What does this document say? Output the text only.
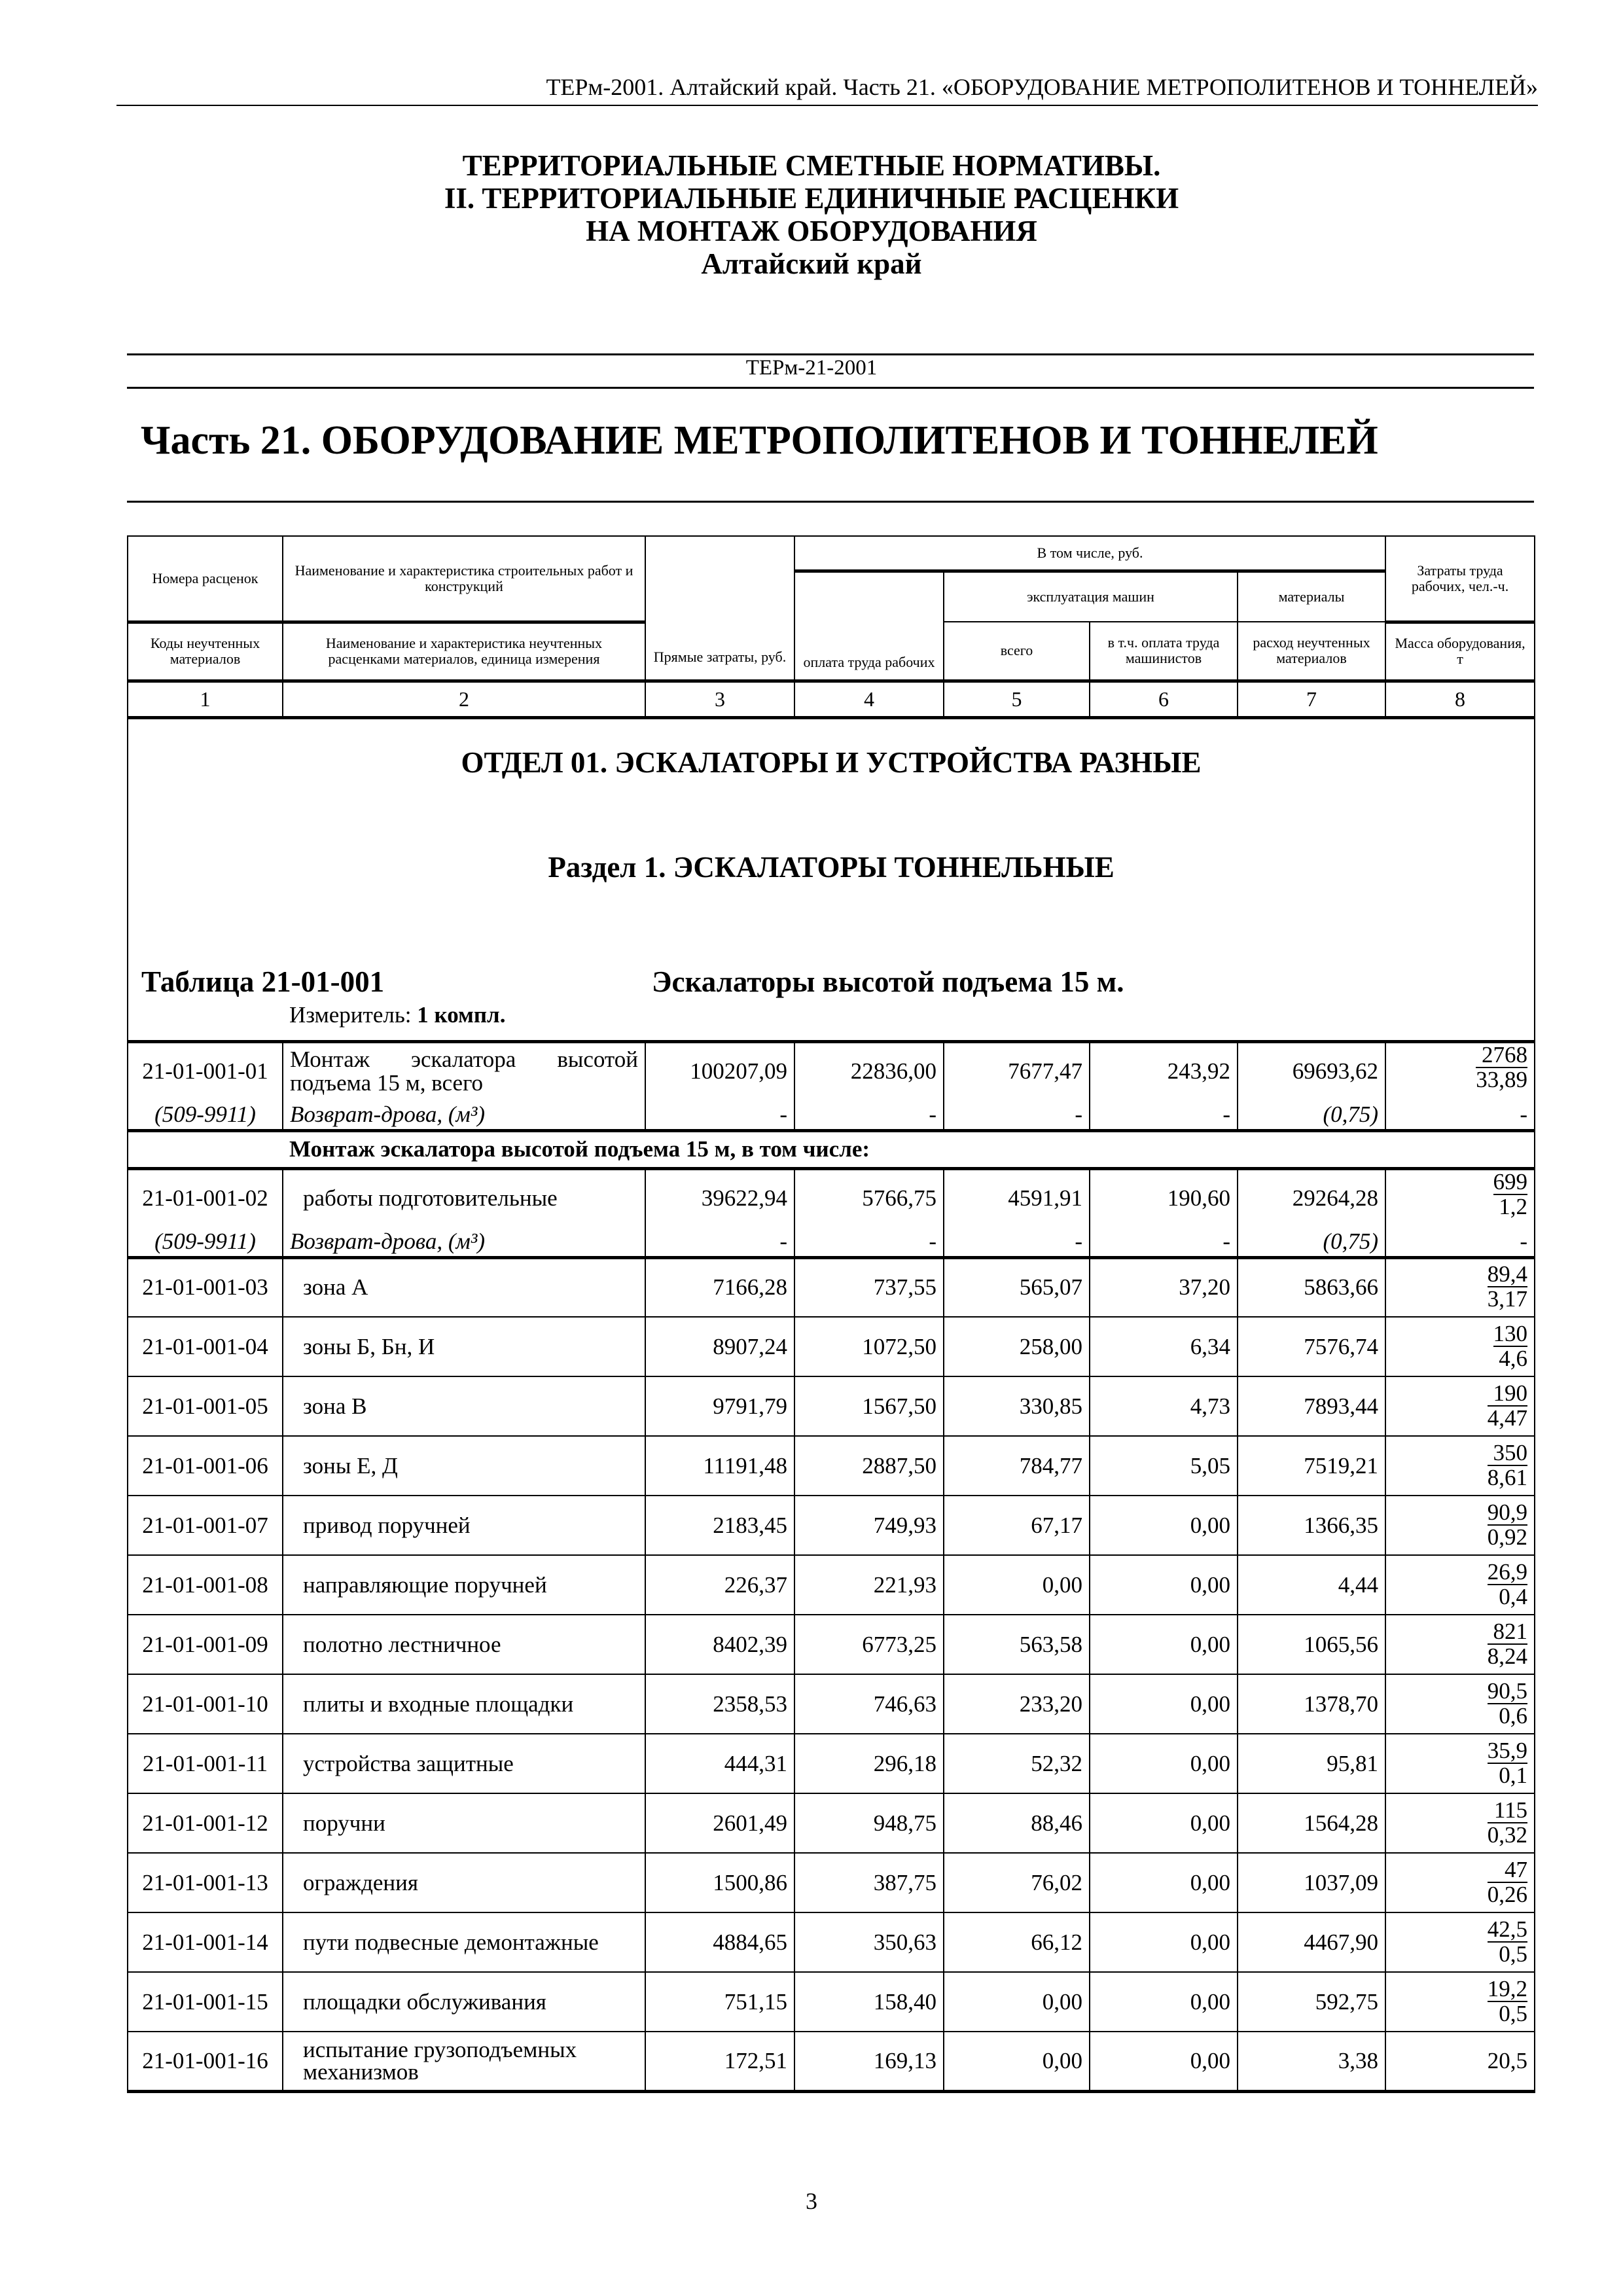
ТЕРм-2001. Алтайский край. Часть 21. «ОБОРУДОВАНИЕ МЕТРОПОЛИТЕНОВ И ТОННЕЛЕЙ»
ТЕРРИТОРИАЛЬНЫЕ СМЕТНЫЕ НОРМАТИВЫ.
II. ТЕРРИТОРИАЛЬНЫЕ ЕДИНИЧНЫЕ РАСЦЕНКИ
НА МОНТАЖ ОБОРУДОВАНИЯ
Алтайский край
ТЕРм-21-2001
Часть 21. ОБОРУДОВАНИЕ МЕТРОПОЛИТЕНОВ И ТОННЕЛЕЙ
Номера расценок	Наименование и характеристика строительных работ и конструкций	Прямые затраты, руб.	В том числе, руб.				Затраты труда рабочих, чел.-ч.
			оплата труда рабочих	эксплуатация машин		материалы	

Коды неучтенных материалов	Наименование и характеристика неучтенных расценками материалов, единица измерения			всего	в т.ч. оплата труда машинистов	расход неучтенных материалов	Масса оборудования, т
1	2	3	4	5	6	7	8

ОТДЕЛ 01. ЭСКАЛАТОРЫ И УСТРОЙСТВА РАЗНЫЕ
Раздел 1. ЭСКАЛАТОРЫ ТОННЕЛЬНЫЕ
Таблица 21-01-001 Эскалаторы высотой подъема 15 м.
Измеритель: 1 компл.							

21-01-001-01	Монтаж эскалатора высотой подъема 15 м, всего	100207,09	22836,00	7677,47	243,92	69693,62	$\frac{2768}{33,89}$
(509-9911)	Возврат-дрова, (м³)	-	-	-	-	(0,75)	-
Монтаж эскалатора высотой подъема 15 м, в том числе:							
21-01-001-02	работы подготовительные	39622,94	5766,75	4591,91	190,60	29264,28	$\frac{699}{1,2}$
(509-9911)	Возврат-дрова, (м³)	-	-	-	-	(0,75)	-
21-01-001-03	зона А	7166,28	737,55	565,07	37,20	5863,66	$\frac{89,4}{3,17}$
21-01-001-04	зоны Б, Бн, И	8907,24	1072,50	258,00	6,34	7576,74	$\frac{130}{4,6}$
21-01-001-05	зона В	9791,79	1567,50	330,85	4,73	7893,44	$\frac{190}{4,47}$
21-01-001-06	зоны Е, Д	11191,48	2887,50	784,77	5,05	7519,21	$\frac{350}{8,61}$
21-01-001-07	привод поручней	2183,45	749,93	67,17	0,00	1366,35	$\frac{90,9}{0,92}$
21-01-001-08	направляющие поручней	226,37	221,93	0,00	0,00	4,44	$\frac{26,9}{0,4}$
21-01-001-09	полотно лестничное	8402,39	6773,25	563,58	0,00	1065,56	$\frac{821}{8,24}$
21-01-001-10	плиты и входные площадки	2358,53	746,63	233,20	0,00	1378,70	$\frac{90,5}{0,6}$
21-01-001-11	устройства защитные	444,31	296,18	52,32	0,00	95,81	$\frac{35,9}{0,1}$
21-01-001-12	поручни	2601,49	948,75	88,46	0,00	1564,28	$\frac{115}{0,32}$
21-01-001-13	ограждения	1500,86	387,75	76,02	0,00	1037,09	$\frac{47}{0,26}$
21-01-001-14	пути подвесные демонтажные	4884,65	350,63	66,12	0,00	4467,90	$\frac{42,5}{0,5}$
21-01-001-15	площадки обслуживания	751,15	158,40	0,00	0,00	592,75	$\frac{19,2}{0,5}$
21-01-001-16	испытание грузоподъемных механизмов	172,51	169,13	0,00	0,00	3,38	20,5
3
